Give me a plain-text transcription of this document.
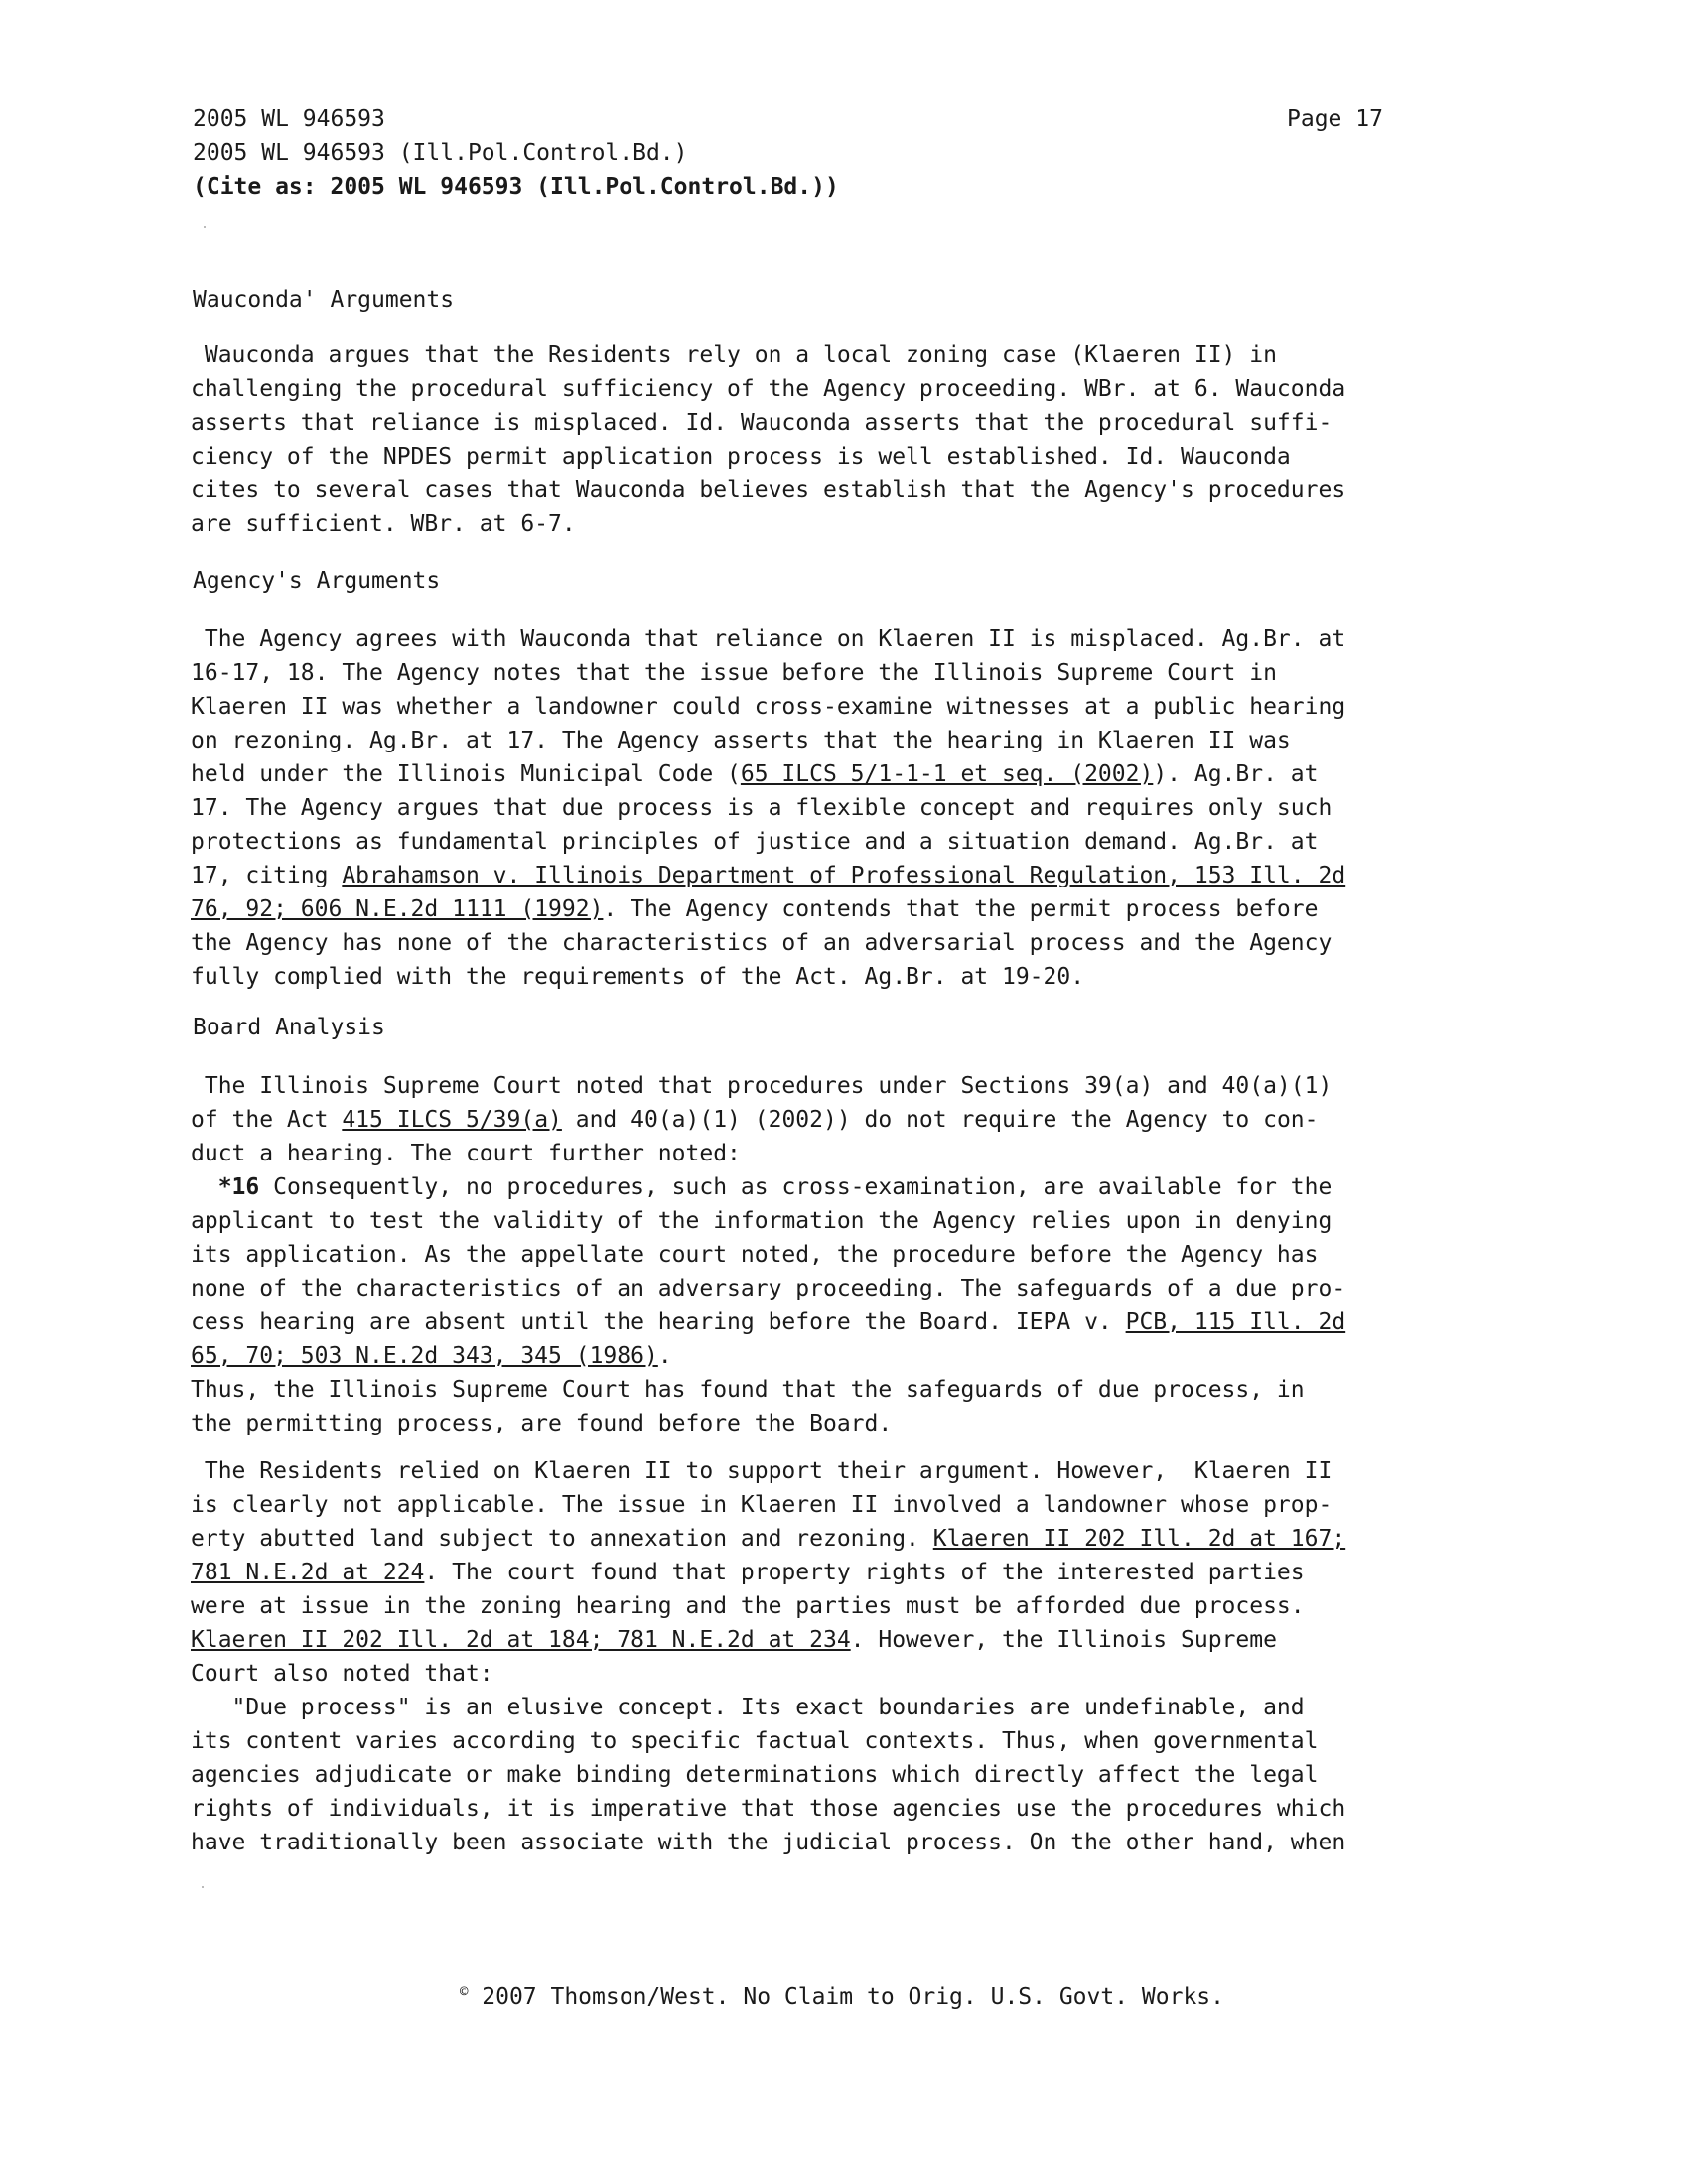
2005 WL 946593	Page 17
2005 WL 946593 (Ill.Pol.Control.Bd.)
(Cite as: 2005 WL 946593 (Ill.Pol.Control.Bd.))
Wauconda' Arguments
Wauconda argues that the Residents rely on a local zoning case (Klaeren II) in
challenging the procedural sufficiency of the Agency proceeding. WBr. at 6. Wauconda
asserts that reliance is misplaced. Id. Wauconda asserts that the procedural suffi-
ciency of the NPDES permit application process is well established. Id. Wauconda
cites to several cases that Wauconda believes establish that the Agency's procedures
are sufficient. WBr. at 6-7.
Agency's Arguments
The Agency agrees with Wauconda that reliance on Klaeren II is misplaced. Ag.Br. at
16-17, 18. The Agency notes that the issue before the Illinois Supreme Court in
Klaeren II was whether a landowner could cross-examine witnesses at a public hearing
on rezoning. Ag.Br. at 17. The Agency asserts that the hearing in Klaeren II was
held under the Illinois Municipal Code (65 ILCS 5/1-1-1 et seq. (2002)). Ag.Br. at
17. The Agency argues that due process is a flexible concept and requires only such
protections as fundamental principles of justice and a situation demand. Ag.Br. at
17, citing Abrahamson v. Illinois Department of Professional Regulation, 153 Ill. 2d
76, 92; 606 N.E.2d 1111 (1992). The Agency contends that the permit process before
the Agency has none of the characteristics of an adversarial process and the Agency
fully complied with the requirements of the Act. Ag.Br. at 19-20.
Board Analysis
The Illinois Supreme Court noted that procedures under Sections 39(a) and 40(a)(1)
of the Act 415 ILCS 5/39(a) and 40(a)(1) (2002)) do not require the Agency to con-
duct a hearing. The court further noted:
*16 Consequently, no procedures, such as cross-examination, are available for the
applicant to test the validity of the information the Agency relies upon in denying
its application. As the appellate court noted, the procedure before the Agency has
none of the characteristics of an adversary proceeding. The safeguards of a due pro-
cess hearing are absent until the hearing before the Board. IEPA v. PCB, 115 Ill. 2d
65, 70; 503 N.E.2d 343, 345 (1986).
Thus, the Illinois Supreme Court has found that the safeguards of due process, in
the permitting process, are found before the Board.
The Residents relied on Klaeren II to support their argument. However,  Klaeren II
is clearly not applicable. The issue in Klaeren II involved a landowner whose prop-
erty abutted land subject to annexation and rezoning. Klaeren II 202 Ill. 2d at 167;
781 N.E.2d at 224. The court found that property rights of the interested parties
were at issue in the zoning hearing and the parties must be afforded due process.
Klaeren II 202 Ill. 2d at 184; 781 N.E.2d at 234. However, the Illinois Supreme
Court also noted that:
"Due process" is an elusive concept. Its exact boundaries are undefinable, and
its content varies according to specific factual contexts. Thus, when governmental
agencies adjudicate or make binding determinations which directly affect the legal
rights of individuals, it is imperative that those agencies use the procedures which
have traditionally been associate with the judicial process. On the other hand, when
© 2007 Thomson/West. No Claim to Orig. U.S. Govt. Works.
